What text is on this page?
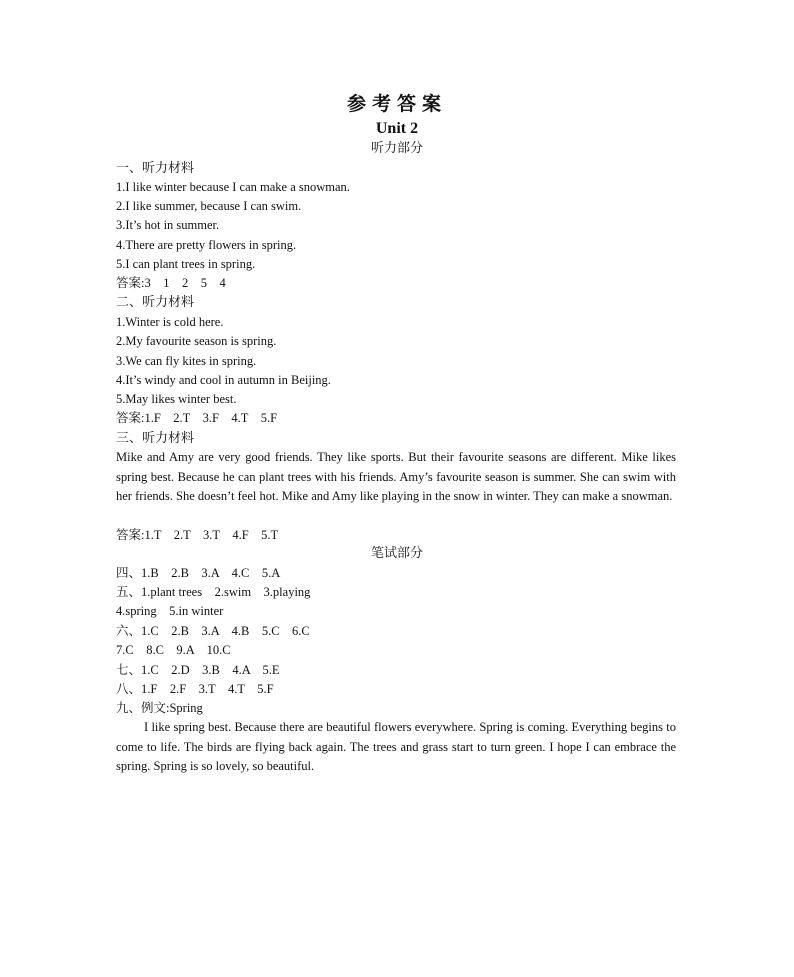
参考答案
Unit 2
听力部分
一、听力材料
1.I like winter because I can make a snowman.
2.I like summer, because I can swim.
3.It’s hot in summer.
4.There are pretty flowers in spring.
5.I can plant trees in spring.
答案:3    1    2    5    4
二、听力材料
1.Winter is cold here.
2.My favourite season is spring.
3.We can fly kites in spring.
4.It’s windy and cool in autumn in Beijing.
5.May likes winter best.
答案:1.F    2.T    3.F    4.T    5.F
三、听力材料
Mike and Amy are very good friends. They like sports. But their favourite seasons are different. Mike likes spring best. Because he can plant trees with his friends. Amy’s favourite season is summer. She can swim with her friends. She doesn’t feel hot. Mike and Amy like playing in the snow in winter. They can make a snowman.
答案:1.T    2.T    3.T    4.F    5.T
笔试部分
四、1.B    2.B    3.A    4.C    5.A
五、1.plant trees    2.swim    3.playing
4.spring    5.in winter
六、1.C    2.B    3.A    4.B    5.C    6.C
7.C    8.C    9.A    10.C
七、1.C    2.D    3.B    4.A    5.E
八、1.F    2.F    3.T    4.T    5.F
九、例文:Spring
I like spring best. Because there are beautiful flowers everywhere. Spring is coming. Everything begins to come to life. The birds are flying back again. The trees and grass start to turn green. I hope I can embrace the spring. Spring is so lovely, so beautiful.
